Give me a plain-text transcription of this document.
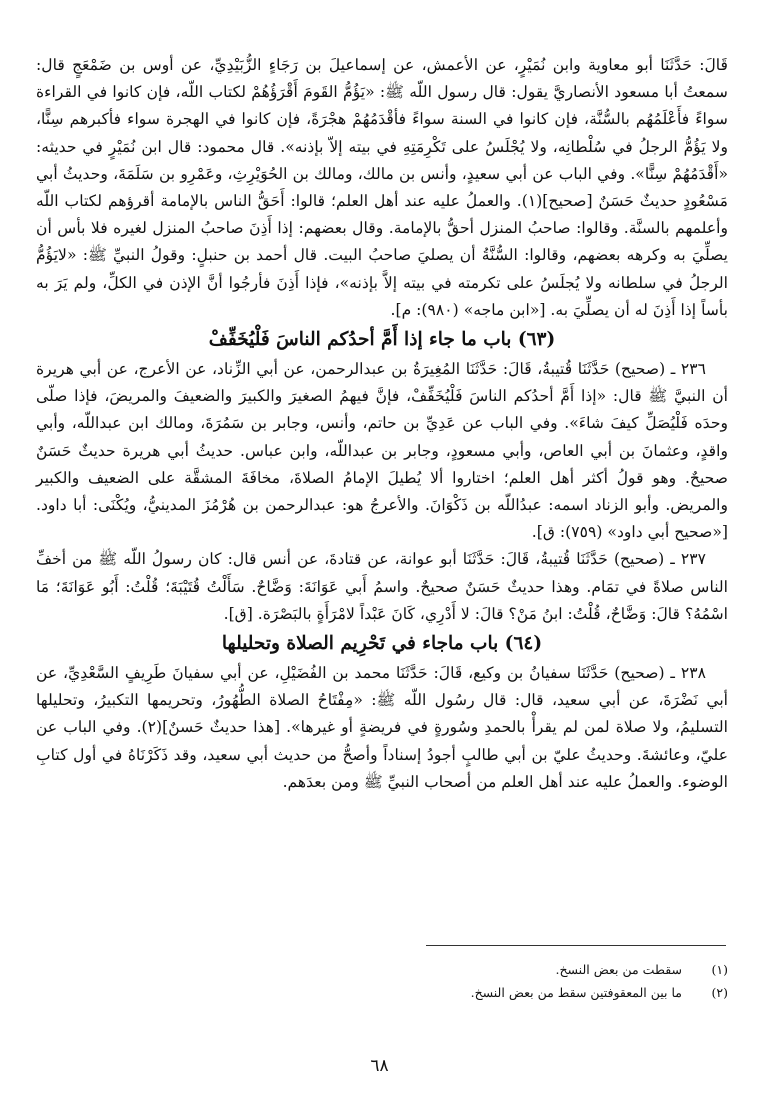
قَالَ: حَدَّثَنَا أبو معاوية وابن نُمَيْرٍ، عن الأعمش، عن إسماعيلَ بن رَجَاءٍ الزُّبَيْدِيِّ، عن أوس بن ضَمْعَجٍ قال: سمعتُ أبا مسعود الأنصاريَّ يقول: قال رسول اللّه ﷺ: «يَؤُمُّ القَومَ أَقْرَؤُهُمْ لكتاب اللّه، فإن كانوا في القراءة سواءً فأَعْلَمُهُم بالسُّنَّة، فإن كانوا في السنة سواءً فأقْدَمُهُمْ هجْرَةً، فإن كانوا في الهجرة سواء فأكبرهم سِنًّا، ولا يَؤُمُّ الرجلُ في سُلْطانِه، ولا يُجْلَسُ على تَكْرِمَتِهِ في بيته إلاّ بإذنه». قال محمود: قال ابن نُمَيْرٍ في حديثه: «أَقْدَمُهُمْ سِنًّا». وفي الباب عن أبي سعيدٍ، وأنس بن مالك، ومالك بن الحُوَيْرِثِ، وعَمْرِو بن سَلَمَةَ، وحديثُ أبي مَسْعُودٍ حديثٌ حَسَنٌ [صحيح](١). والعملُ عليه عند أهل العلم؛ قالوا: أَحَقُّ الناس بالإمامة أقرؤهم لكتاب اللّه وأعلمهم بالسنَّة. وقالوا: صاحبُ المنزل أحقُّ بالإمامة. وقال بعضهم: إذا أَذِنَ صاحبُ المنزل لغيره فلا بأس أن يصلِّيَ به وكرهه بعضهم، وقالوا: السُّنَّةُ أن يصليَ صاحبُ البيت. قال أحمد بن حنبلٍ: وقولُ النبيِّ ﷺ: «لايَؤُمُّ الرجلُ في سلطانه ولا يُجلَسُ على تكرمته في بيته إلاَّ بإذنه»، فإذا أَذِنَ فأرجُوا أنَّ الإذن في الكلِّ، ولم يَرَ به بأساً إذا أَذِنَ له أن يصلِّيَ به. [«ابن ماجه» (٩٨٠): م].

(٦٣) باب ما جاء إذا أَمَّ أحدُكم الناسَ فَلْيُخَفِّفْ

٢٣٦ ـ (صحيح) حَدَّثَنَا قُتيبةُ، قَالَ: حَدَّثَنَا المُغِيرَةُ بن عبدالرحمن، عن أبي الزِّناد، عن الأعرج، عن أبي هريرة أن النبيَّ ﷺ قال: «إذا أَمَّ أحدُكم الناسَ فَلْيُخَفِّفْ، فإنَّ فيهمُ الصغيرَ والكبيرَ والضعيفَ والمريضَ، فإذا صلّى وحدَه فَلْيُصَلِّ كيفَ شاءَ». وفي الباب عن عَدِيِّ بن حاتم، وأنس، وجابر بن سَمُرَةَ، ومالك ابن عبداللّه، وأبي واقدٍ، وعثمانَ بن أبي العاص، وأبي مسعودٍ، وجابر بن عبداللّه، وابن عباس. حديثُ أبي هريرة حديثٌ حَسَنٌ صحيحٌ. وهو قولُ أكثر أهل العلم؛ اختاروا ألا يُطيلَ الإمامُ الصلاةَ، مخافَةَ المشقَّة على الضعيف والكبير والمريض. وأبو الزناد اسمه: عبدُاللّه بن ذَكْوَانَ. والأعرجُ هو: عبدالرحمن بن هُرْمُزَ المدينيُّ، ويُكْنَى: أبا داود. [«صحيح أبي داود» (٧٥٩): ق].

٢٣٧ ـ (صحيح) حَدَّثَنَا قُتيبةُ، قَالَ: حَدَّثَنَا أبو عوانة، عن قتادةَ، عن أنس قال: كان رسولُ اللّه ﷺ من أخفِّ الناس صلاةً في تمَام. وهذا حديثٌ حَسَنٌ صحيحٌ. واسمُ أَبي عَوَانَةَ: وَضَّاحٌ. سَأَلْتُ قُتَيْبَةَ؛ قُلْتُ: أَبُو عَوَانَةَ؛ مَا اسْمُهُ؟ قالَ: وَضَّاحٌ، قُلْتُ: ابنُ مَنْ؟ قالَ: لا أَدْرِي، كَانَ عَبْداً لامْرَأَةٍ بالبَصْرَة. [ق].

(٦٤) باب ماجاء في تَحْرِيم الصلاة وتحليلها

٢٣٨ ـ (صحيح) حَدَّثَنَا سفيانُ بن وكيع، قَالَ: حَدَّثَنَا محمد بن الفُضَيْلِ، عن أبي سفيانَ طَرِيفٍ السَّعْدِيِّ، عن أبي نَضْرَةَ، عن أبي سعيد، قال: قال رسُول اللّه ﷺ: «مِفْتَاحُ الصلاة الطُّهُورُ، وتحريمها التكبيرُ، وتحليلها التسليمُ، ولا صلاة لمن لم يقرأْ بالحمدِ وسُورةٍ في فريضةٍ أو غيرها». [هذا حديثٌ حَسنٌ](٢). وفي الباب عن عليّ، وعائشةَ. وحديثُ عليّ بن أبي طالبٍ أجودُ إسناداً وأصحُّ من حديث أبي سعيد، وقد ذَكَرْنَاهُ في أول كتابِ الوضوء. والعملُ عليه عند أهل العلم من أصحاب النبيِّ ﷺ ومن بعدَهم.

(١) سقطت من بعض النسخ.

(٢) ما بين المعقوفتين سقط من بعض النسخ.

٦٨
